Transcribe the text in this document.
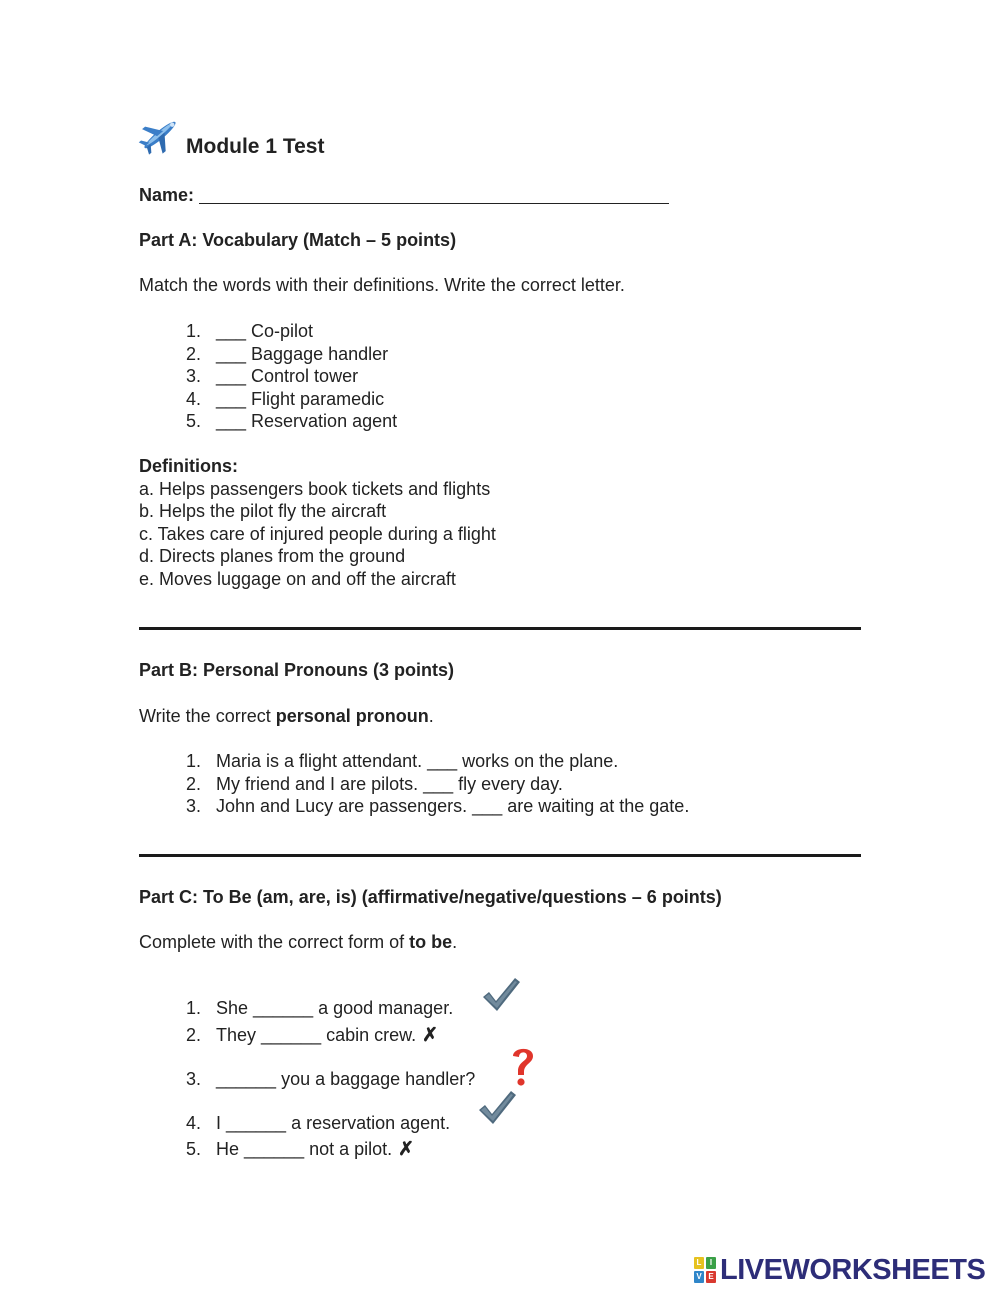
Module 1 Test
Name:
Part A: Vocabulary (Match – 5 points)
Match the words with their definitions. Write the correct letter.
1. ___ Co-pilot
2. ___ Baggage handler
3. ___ Control tower
4. ___ Flight paramedic
5. ___ Reservation agent
Definitions:
a. Helps passengers book tickets and flights
b. Helps the pilot fly the aircraft
c. Takes care of injured people during a flight
d. Directs planes from the ground
e. Moves luggage on and off the aircraft
Part B: Personal Pronouns (3 points)
Write the correct personal pronoun.
1. Maria is a flight attendant. ___ works on the plane.
2. My friend and I are pilots. ___ fly every day.
3. John and Lucy are passengers. ___ are waiting at the gate.
Part C: To Be (am, are, is) (affirmative/negative/questions – 6 points)
Complete with the correct form of to be.
1. She ______ a good manager.
2. They ______ cabin crew. ✗
3. ______ you a baggage handler?
4. I ______ a reservation agent.
5. He ______ not a pilot. ✗
L	I
V E LIVEWORKSHEETS
